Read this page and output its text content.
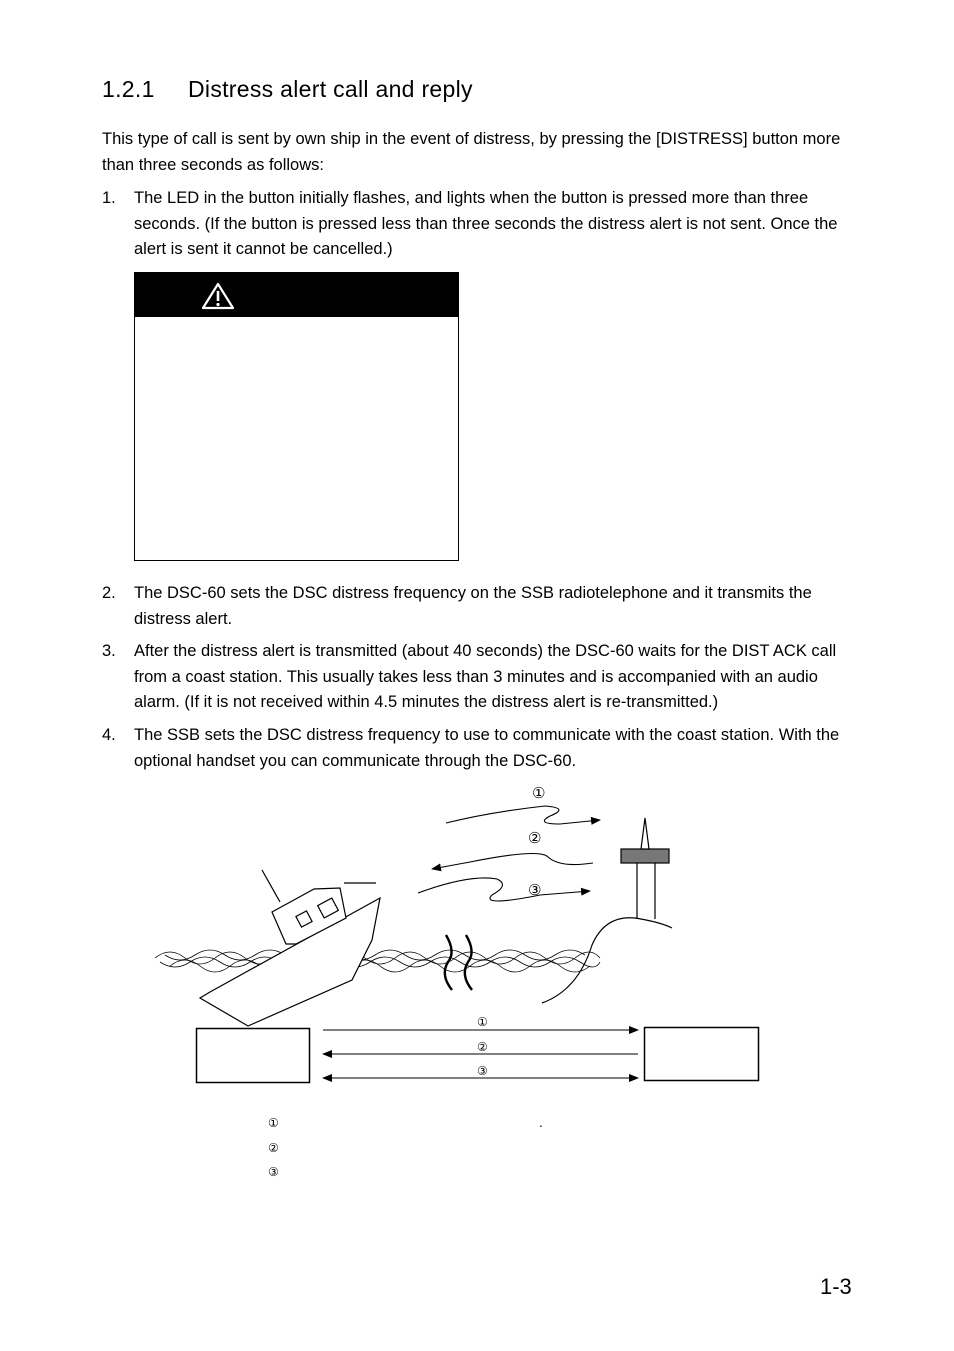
1.2.1 Distress alert call and reply

This type of call is sent by own ship in the event of distress, by pressing the [DISTRESS] button more than three seconds as follows:

1. The LED in the button initially flashes, and lights when the button is pressed more than three seconds. (If the button is pressed less than three seconds the distress alert is not sent. Once the alert is sent it cannot be cancelled.)
2. The DSC-60 sets the DSC distress frequency on the SSB radiotelephone and it transmits the distress alert.
3. After the distress alert is transmitted (about 40 seconds) the DSC-60 waits for the DIST ACK call from a coast station. This usually takes less than 3 minutes and is accompanied with an audio alarm. (If it is not received within 4.5 minutes the distress alert is re-transmitted.)
4. The SSB sets the DSC distress frequency to use to communicate with the coast station. With the optional handset you can communicate through the DSC-60.
①
②
③
①
②
③
①	.
②
③
1-3
